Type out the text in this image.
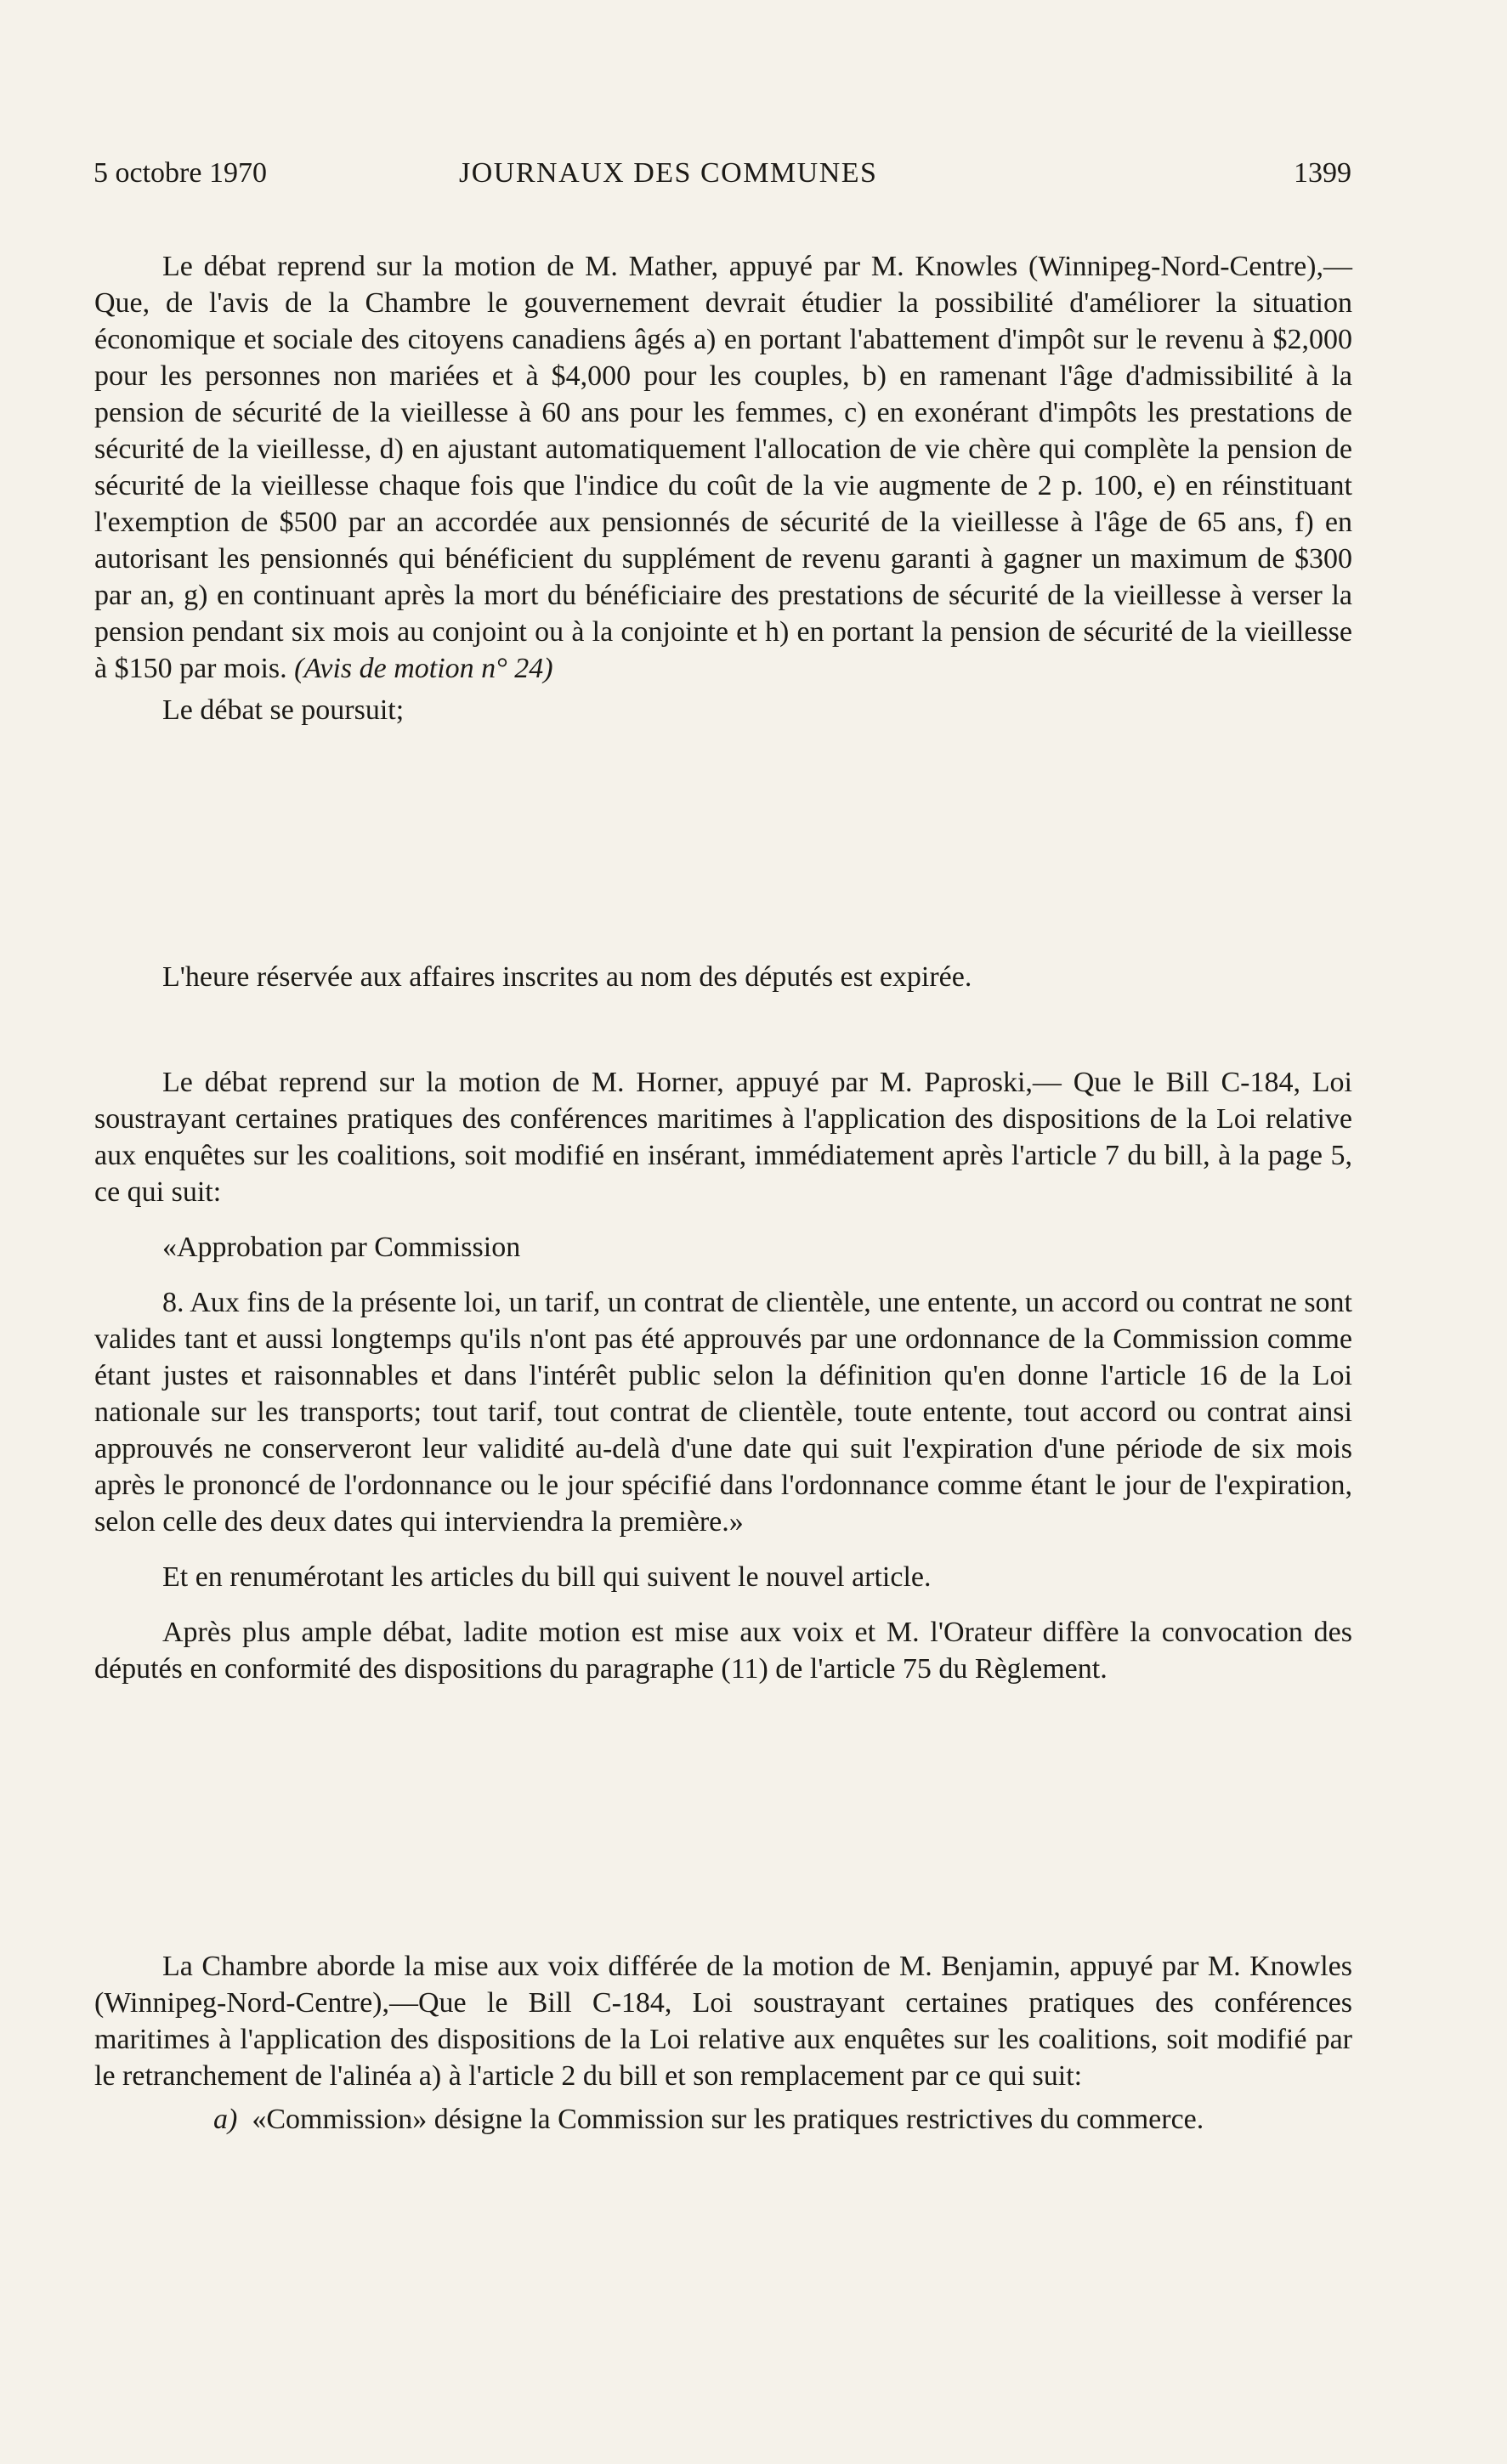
5 octobre 1970	JOURNAUX DES COMMUNES	1399

Le débat reprend sur la motion de M. Mather, appuyé par M. Knowles (Winnipeg-Nord-Centre),—Que, de l'avis de la Chambre le gouvernement devrait étudier la possibilité d'améliorer la situation économique et sociale des citoyens canadiens âgés a) en portant l'abattement d'impôt sur le revenu à $2,000 pour les personnes non mariées et à $4,000 pour les couples, b) en ramenant l'âge d'admissibilité à la pension de sécurité de la vieillesse à 60 ans pour les femmes, c) en exonérant d'impôts les prestations de sécurité de la vieillesse, d) en ajustant automatiquement l'allocation de vie chère qui complète la pension de sécurité de la vieillesse chaque fois que l'indice du coût de la vie augmente de 2 p. 100, e) en réinstituant l'exemption de $500 par an accordée aux pensionnés de sécurité de la vieillesse à l'âge de 65 ans, f) en autorisant les pensionnés qui bénéficient du supplément de revenu garanti à gagner un maximum de $300 par an, g) en continuant après la mort du bénéficiaire des prestations de sécurité de la vieillesse à verser la pension pendant six mois au conjoint ou à la conjointe et h) en portant la pension de sécurité de la vieillesse à $150 par mois. (Avis de motion n° 24)

Le débat se poursuit;

L'heure réservée aux affaires inscrites au nom des députés est expirée.

Le débat reprend sur la motion de M. Horner, appuyé par M. Paproski,— Que le Bill C-184, Loi soustrayant certaines pratiques des conférences maritimes à l'application des dispositions de la Loi relative aux enquêtes sur les coalitions, soit modifié en insérant, immédiatement après l'article 7 du bill, à la page 5, ce qui suit:

«Approbation par Commission

8. Aux fins de la présente loi, un tarif, un contrat de clientèle, une entente, un accord ou contrat ne sont valides tant et aussi longtemps qu'ils n'ont pas été approuvés par une ordonnance de la Commission comme étant justes et raisonnables et dans l'intérêt public selon la définition qu'en donne l'article 16 de la Loi nationale sur les transports; tout tarif, tout contrat de clientèle, toute entente, tout accord ou contrat ainsi approuvés ne conserveront leur validité au-delà d'une date qui suit l'expiration d'une période de six mois après le prononcé de l'ordonnance ou le jour spécifié dans l'ordonnance comme étant le jour de l'expiration, selon celle des deux dates qui interviendra la première.»

Et en renumérotant les articles du bill qui suivent le nouvel article.

Après plus ample débat, ladite motion est mise aux voix et M. l'Orateur diffère la convocation des députés en conformité des dispositions du paragraphe (11) de l'article 75 du Règlement.

La Chambre aborde la mise aux voix différée de la motion de M. Benjamin, appuyé par M. Knowles (Winnipeg-Nord-Centre),—Que le Bill C-184, Loi soustrayant certaines pratiques des conférences maritimes à l'application des dispositions de la Loi relative aux enquêtes sur les coalitions, soit modifié par le retranchement de l'alinéa a) à l'article 2 du bill et son remplacement par ce qui suit:

a) «Commission» désigne la Commission sur les pratiques restrictives du commerce.
